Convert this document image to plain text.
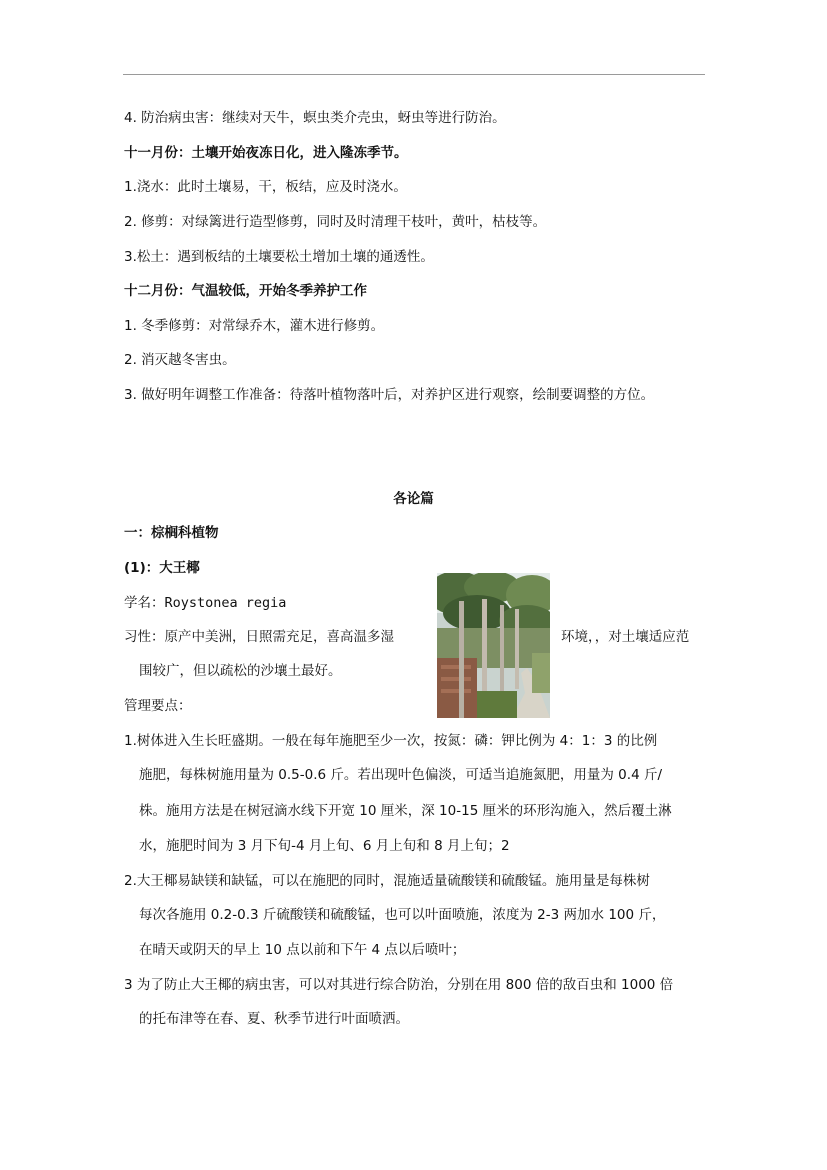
4. 防治病虫害：继续对天牛，螟虫类介壳虫，蚜虫等进行防治。
十一月份：土壤开始夜冻日化，进入隆冻季节。
1.浇水：此时土壤易，干，板结，应及时浇水。
2. 修剪：对绿篱进行造型修剪，同时及时清理干枝叶，黄叶，枯枝等。
3.松土：遇到板结的土壤要松土增加土壤的通透性。
十二月份：气温较低，开始冬季养护工作
1. 冬季修剪：对常绿乔木，灌木进行修剪。
2. 消灭越冬害虫。
3. 做好明年调整工作准备：待落叶植物落叶后，对养护区进行观察，绘制要调整的方位。
各论篇
一：棕榈科植物
(1)：大王椰
学名：Roystonea regia
习性：原产中美洲，日照需充足，喜高温多湿	环境，，对土壤适应范
围较广，但以疏松的沙壤土最好。
管理要点：
1.树体进入生长旺盛期。一般在每年施肥至少一次，按氮：磷：钾比例为 4：1：3 的比例
施肥，每株树施用量为 0.5-0.6 斤。若出现叶色偏淡，可适当追施氮肥，用量为 0.4 斤/
株。施用方法是在树冠滴水线下开宽 10 厘米，深 10-15 厘米的环形沟施入，然后覆土淋
水，施肥时间为 3 月下旬-4 月上旬、6 月上旬和 8 月上旬；2
2.大王椰易缺镁和缺锰，可以在施肥的同时，混施适量硫酸镁和硫酸锰。施用量是每株树
每次各施用 0.2-0.3 斤硫酸镁和硫酸锰，也可以叶面喷施，浓度为 2-3 两加水 100 斤，
在晴天或阴天的早上 10 点以前和下午 4 点以后喷叶；
3 为了防止大王椰的病虫害，可以对其进行综合防治，分别在用 800 倍的敌百虫和 1000 倍
的托布津等在春、夏、秋季节进行叶面喷洒。
